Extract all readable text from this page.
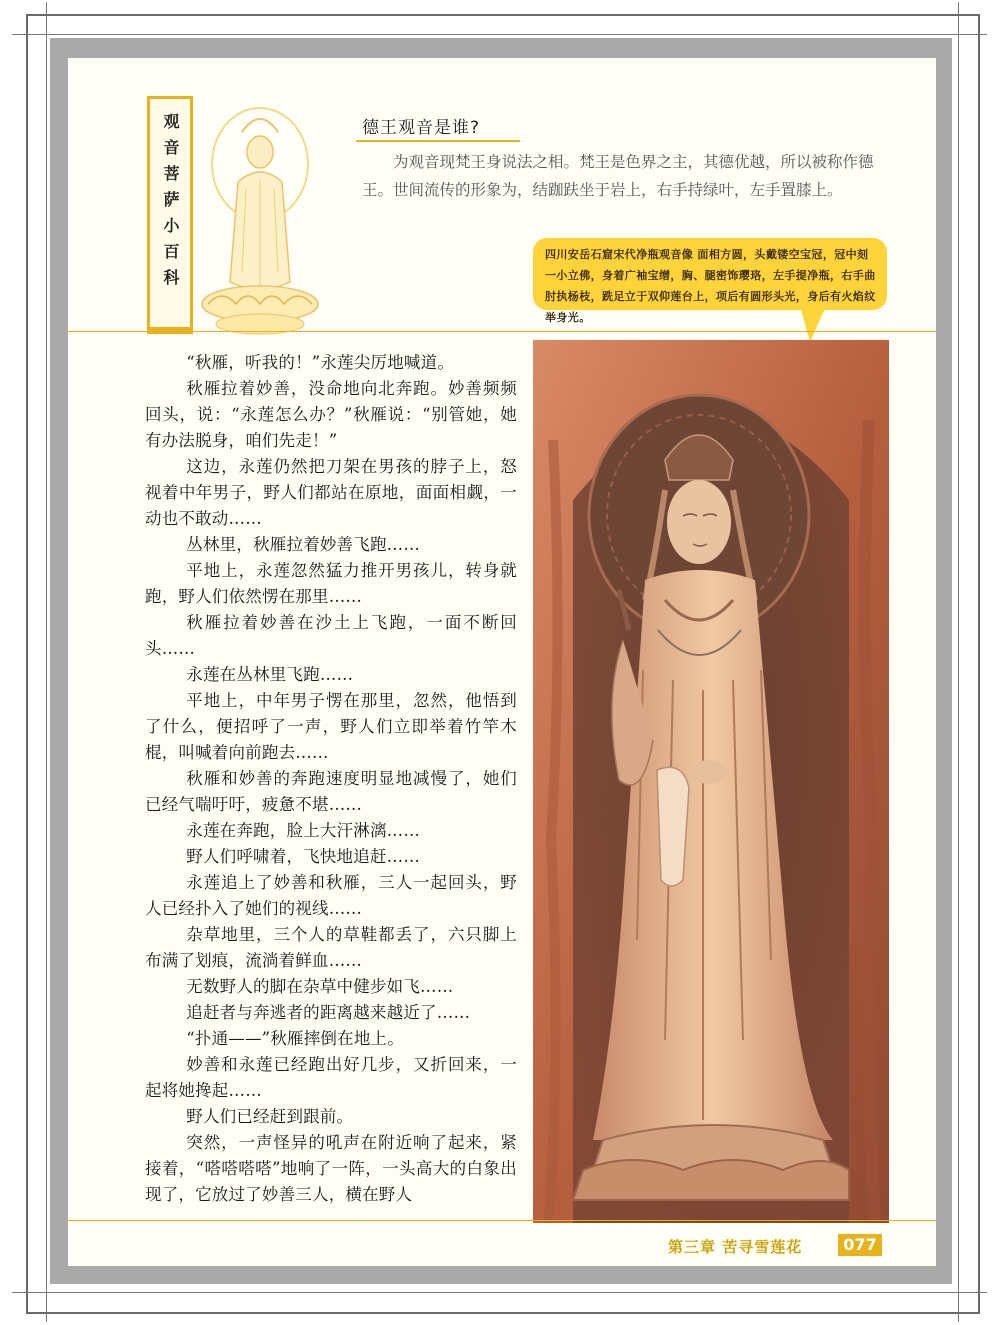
观音菩萨小百科	德王观音是谁?

为观音现梵王身说法之相。梵王是色界之主，其德优越，所以被称作德王。世间流传的形象为，结跏趺坐于岩上，右手持绿叶，左手置膝上。

四川安岳石窟宋代净瓶观音像 面相方圆，头戴镂空宝冠，冠中刻一小立佛，身着广袖宝缯，胸、腿密饰璎珞，左手提净瓶，右手曲肘执杨枝，跣足立于双仰莲台上，项后有圆形头光，身后有火焰纹举身光。

“秋雁，听我的！”永莲尖厉地喊道。

秋雁拉着妙善，没命地向北奔跑。妙善频频回头，说：“永莲怎么办？”秋雁说：“别管她，她有办法脱身，咱们先走！”

这边，永莲仍然把刀架在男孩的脖子上，怒视着中年男子，野人们都站在原地，面面相觑，一动也不敢动……

丛林里，秋雁拉着妙善飞跑……

平地上，永莲忽然猛力推开男孩儿，转身就跑，野人们依然愣在那里……

秋雁拉着妙善在沙土上飞跑，一面不断回头……

永莲在丛林里飞跑……

平地上，中年男子愣在那里，忽然，他悟到了什么，便招呼了一声，野人们立即举着竹竿木棍，叫喊着向前跑去……

秋雁和妙善的奔跑速度明显地减慢了，她们已经气喘吁吁，疲惫不堪……

永莲在奔跑，脸上大汗淋漓……

野人们呼啸着，飞快地追赶……

永莲追上了妙善和秋雁，三人一起回头，野人已经扑入了她们的视线……

杂草地里，三个人的草鞋都丢了，六只脚上布满了划痕，流淌着鲜血……

无数野人的脚在杂草中健步如飞……

追赶者与奔逃者的距离越来越近了……

“扑通——”秋雁摔倒在地上。

妙善和永莲已经跑出好几步，又折回来，一起将她搀起……

野人们已经赶到跟前。

突然，一声怪异的吼声在附近响了起来，紧接着，“嗒嗒嗒嗒”地响了一阵，一头高大的白象出现了，它放过了妙善三人，横在野人

第三章 苦寻雪莲花	077
